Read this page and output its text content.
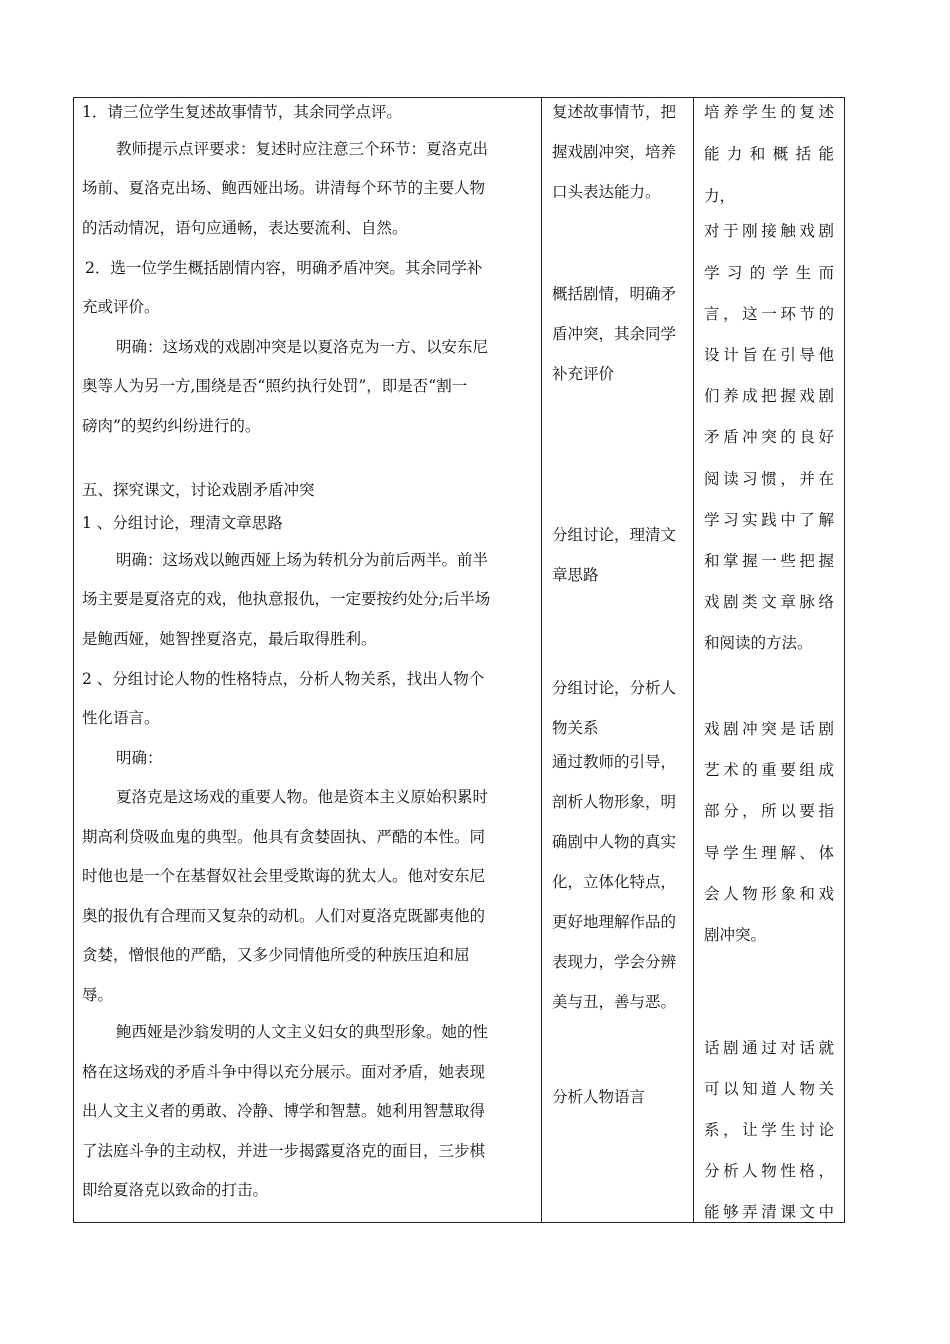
1．请三位学生复述故事情节，其余同学点评。
教师提示点评要求：复述时应注意三个环节：夏洛克出
场前、夏洛克出场、鲍西娅出场。讲清每个环节的主要人物
的活动情况，语句应通畅，表达要流利、自然。
2．选一位学生概括剧情内容，明确矛盾冲突。其余同学补
充或评价。
明确：这场戏的戏剧冲突是以夏洛克为一方、以安东尼
奥等人为另一方,围绕是否“照约执行处罚”，即是否“割一
磅肉”的契约纠纷进行的。
五、探究课文，讨论戏剧矛盾冲突
1 、分组讨论，理清文章思路
明确：这场戏以鲍西娅上场为转机分为前后两半。前半
场主要是夏洛克的戏，他执意报仇，一定要按约处分;后半场
是鲍西娅，她智挫夏洛克，最后取得胜利。
2 、分组讨论人物的性格特点，分析人物关系，找出人物个
性化语言。
明确：
夏洛克是这场戏的重要人物。他是资本主义原始积累时
期高利贷吸血鬼的典型。他具有贪婪固执、严酷的本性。同
时他也是一个在基督奴社会里受欺诲的犹太人。他对安东尼
奥的报仇有合理而又复杂的动机。人们对夏洛克既鄙夷他的
贪婪，憎恨他的严酷，又多少同情他所受的种族压迫和屈
辱。
鲍西娅是沙翁发明的人文主义妇女的典型形象。她的性
格在这场戏的矛盾斗争中得以充分展示。面对矛盾，她表现
出人文主义者的勇敢、冷静、博学和智慧。她利用智慧取得
了法庭斗争的主动权，并进一步揭露夏洛克的面目，三步棋
即给夏洛克以致命的打击。
复述故事情节，把
握戏剧冲突，培养
口头表达能力。
概括剧情，明确矛
盾冲突，其余同学
补充评价
分组讨论，理清文
章思路
分组讨论，分析人
物关系
通过教师的引导，
剖析人物形象，明
确剧中人物的真实
化，立体化特点，
更好地理解作品的
表现力，学会分辨
美与丑，善与恶。
分析人物语言
培养学生的复述
能力和概括能
力，
对于刚接触戏剧
学习的学生而
言，这一环节的
设计旨在引导他
们养成把握戏剧
矛盾冲突的良好
阅读习惯，并在
学习实践中了解
和掌握一些把握
戏剧类文章脉络
和阅读的方法。
戏剧冲突是话剧
艺术的重要组成
部分，所以要指
导学生理解、体
会人物形象和戏
剧冲突。
话剧通过对话就
可以知道人物关
系，让学生讨论
分析人物性格，
能够弄清课文中
